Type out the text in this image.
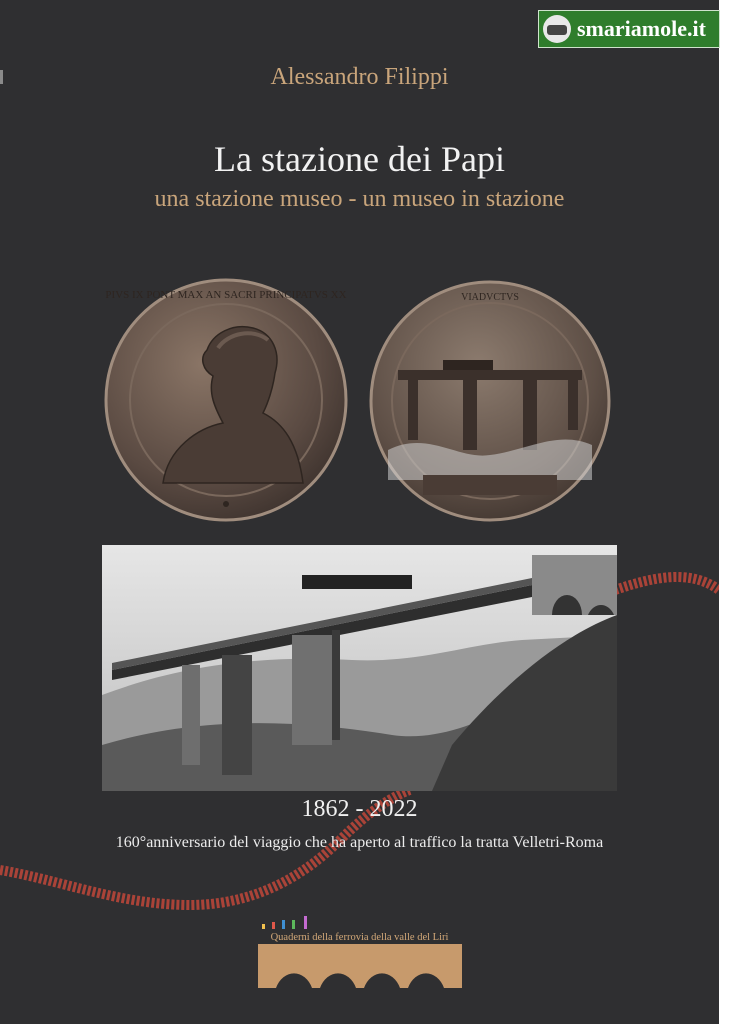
Alessandro Filippi
La stazione dei Papi
una stazione museo - un museo in stazione
PIVS IX PONT MAX AN SACRI PRINCIPATVS XX	VIADVCTVS
1862 - 2022
160°anniversario del viaggio che ha aperto al traffico la tratta Velletri-Roma
Quaderni della ferrovia della valle del Liri
smariamole.it
